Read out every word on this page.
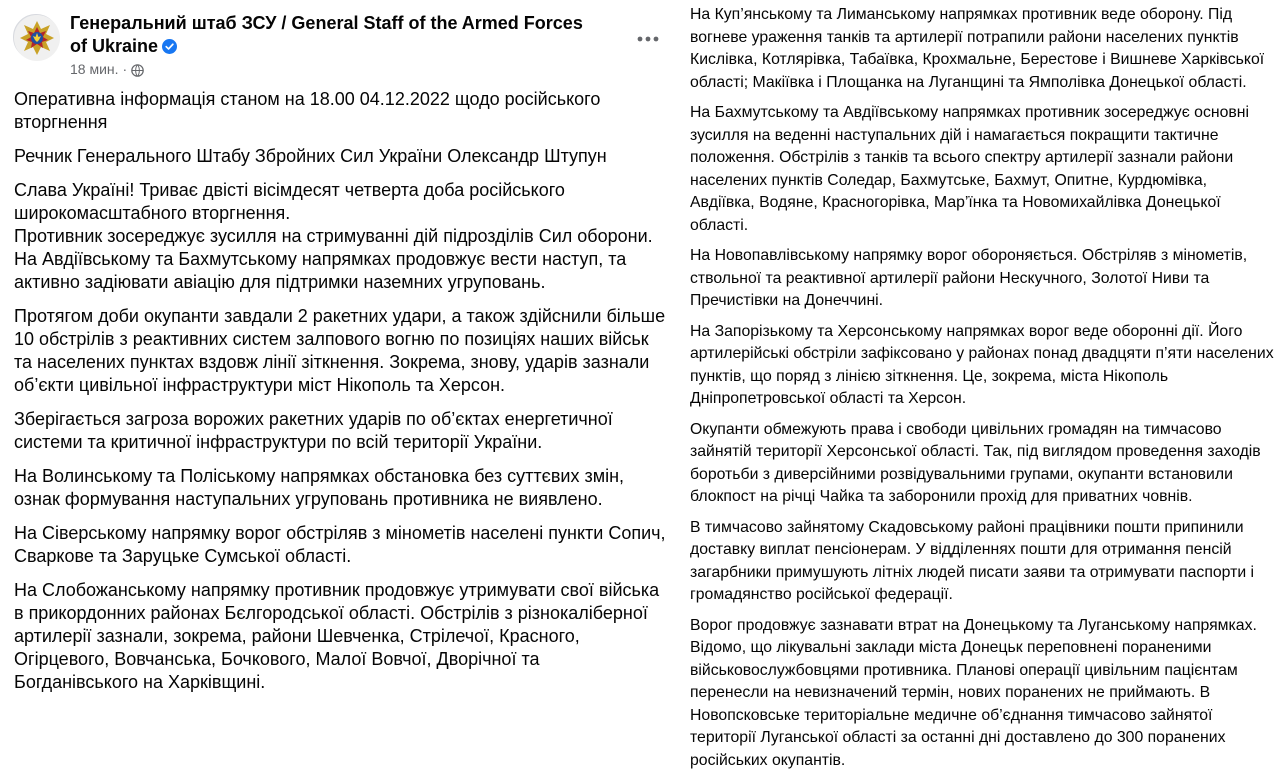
Генеральний штаб ЗСУ / General Staff of the Armed Forces of Ukraine
18 мин. ·

Оперативна інформація станом на 18.00 04.12.2022 щодо російського вторгнення

Речник Генерального Штабу Збройних Сил України Олександр Штупун

Слава Україні! Триває двісті вісімдесят четверта доба російського широкомасштабного вторгнення.

Противник зосереджує зусилля на стримуванні дій підрозділів Сил оборони. На Авдіївському та Бахмутському напрямках продовжує вести наступ, та активно задіювати авіацію для підтримки наземних угруповань.

Протягом доби окупанти завдали 2 ракетних удари, а також здійснили більше 10 обстрілів з реактивних систем залпового вогню по позиціях наших військ та населених пунктах вздовж лінії зіткнення. Зокрема, знову, ударів зазнали об’єкти цивільної інфраструктури міст Нікополь та Херсон.

Зберігається загроза ворожих ракетних ударів по об’єктах енергетичної системи та критичної інфраструктури по всій території України.

На Волинському та Поліському напрямках обстановка без суттєвих змін, ознак формування наступальних угруповань противника не виявлено.

На Сіверському напрямку ворог обстріляв з мінометів населені пункти Сопич, Сваркове та Заруцьке Сумської області.

На Слобожанському напрямку противник продовжує утримувати свої війська в прикордонних районах Бєлгородської області. Обстрілів з різнокаліберної артилерії зазнали, зокрема, райони Шевченка, Стрілечої, Красного, Огірцевого, Вовчанська, Бочкового, Малої Вовчої, Дворічної та Богданівського на Харківщині.

На Куп’янському та Лиманському напрямках противник веде оборону. Під вогневе ураження танків та артилерії потрапили райони населених пунктів Кислівка, Котлярівка, Табаївка, Крохмальне, Берестове і Вишневе Харківської області; Макіївка і Площанка на Луганщині та Ямполівка Донецької області.

На Бахмутському та Авдіївському напрямках противник зосереджує основні зусилля на веденні наступальних дій і намагається покращити тактичне положення. Обстрілів з танків та всього спектру артилерії зазнали райони населених пунктів Соледар, Бахмутське, Бахмут, Опитне, Курдюмівка, Авдіївка, Водяне, Красногорівка, Мар’їнка та Новомихайлівка Донецької області.

На Новопавлівському напрямку ворог обороняється. Обстріляв з мінометів, ствольної та реактивної артилерії райони Нескучного, Золотої Ниви та Пречистівки на Донеччині.

На Запорізькому та Херсонському напрямках ворог веде оборонні дії. Його артилерійські обстріли зафіксовано у районах понад двадцяти п’яти населених пунктів, що поряд з лінією зіткнення. Це, зокрема, міста Нікополь Дніпропетровської області та Херсон.

Окупанти обмежують права і свободи цивільних громадян на тимчасово зайнятій території Херсонської області. Так, під виглядом проведення заходів боротьби з диверсійними розвідувальними групами, окупанти встановили блокпост на річці Чайка та заборонили прохід для приватних човнів.

В тимчасово зайнятому Скадовському районі працівники пошти припинили доставку виплат пенсіонерам. У відділеннях пошти для отримання пенсій загарбники примушують літніх людей писати заяви та отримувати паспорти і громадянство російської федерації.

Ворог продовжує зазнавати втрат на Донецькому та Луганському напрямках. Відомо, що лікувальні заклади міста Донецьк переповнені пораненими військовослужбовцями противника. Планові операції цивільним пацієнтам перенесли на невизначений термін, нових поранених не приймають. В Новопсковське територіальне медичне об’єднання тимчасово зайнятої території Луганської області за останні дні доставлено до 300 поранених російських окупантів.
